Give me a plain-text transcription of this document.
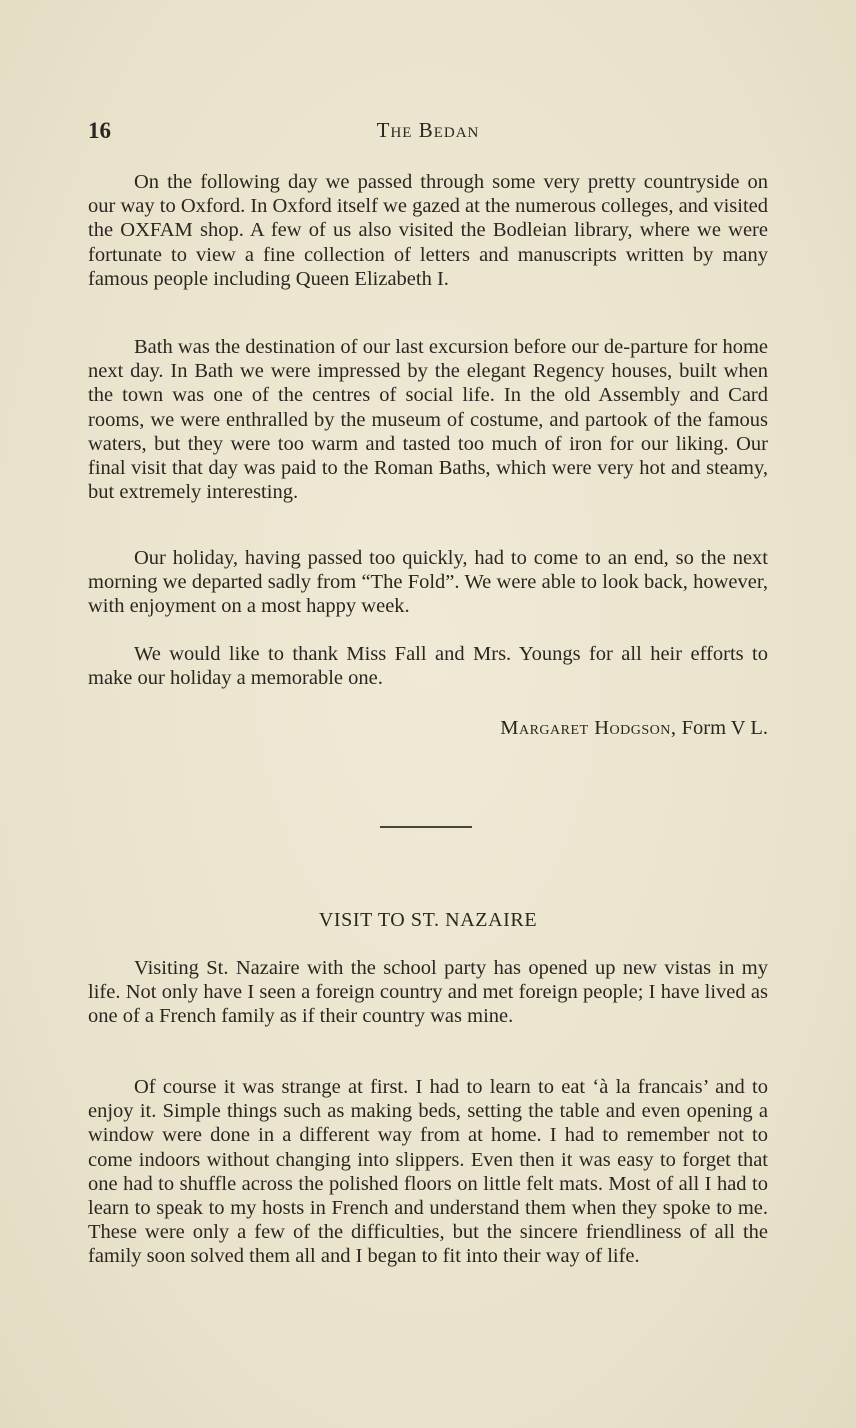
16	The Bedan

On the following day we passed through some very pretty countryside on our way to Oxford. In Oxford itself we gazed at the numerous colleges, and visited the OXFAM shop. A few of us also visited the Bodleian library, where we were fortunate to view a fine collection of letters and manuscripts written by many famous people including Queen Elizabeth I.

Bath was the destination of our last excursion before our de-parture for home next day. In Bath we were impressed by the elegant Regency houses, built when the town was one of the centres of social life. In the old Assembly and Card rooms, we were enthralled by the museum of costume, and partook of the famous waters, but they were too warm and tasted too much of iron for our liking. Our final visit that day was paid to the Roman Baths, which were very hot and steamy, but extremely interesting.

Our holiday, having passed too quickly, had to come to an end, so the next morning we departed sadly from “The Fold”. We were able to look back, however, with enjoyment on a most happy week.

We would like to thank Miss Fall and Mrs. Youngs for all heir efforts to make our holiday a memorable one.

Margaret Hodgson, Form V L.
VISIT TO ST. NAZAIRE

Visiting St. Nazaire with the school party has opened up new vistas in my life. Not only have I seen a foreign country and met foreign people; I have lived as one of a French family as if their country was mine.

Of course it was strange at first. I had to learn to eat ‘à la francais’ and to enjoy it. Simple things such as making beds, setting the table and even opening a window were done in a different way from at home. I had to remember not to come indoors without changing into slippers. Even then it was easy to forget that one had to shuffle across the polished floors on little felt mats. Most of all I had to learn to speak to my hosts in French and understand them when they spoke to me. These were only a few of the difficulties, but the sincere friendliness of all the family soon solved them all and I began to fit into their way of life.
